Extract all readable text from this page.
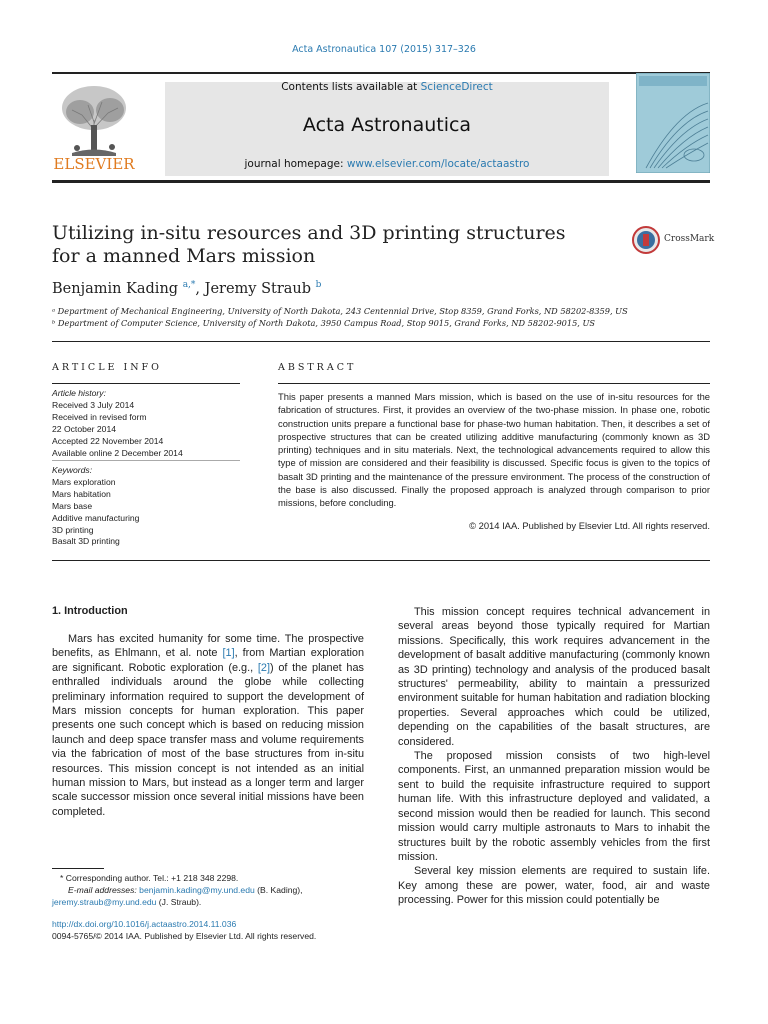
Acta Astronautica 107 (2015) 317–326
ELSEVIER
Contents lists available at ScienceDirect
Acta Astronautica
journal homepage: www.elsevier.com/locate/actaastro
Utilizing in-situ resources and 3D printing structures
for a manned Mars mission
CrossMark
Benjamin Kading $^{a,*}$, Jeremy Straub $^b$
ᵃ Department of Mechanical Engineering, University of North Dakota, 243 Centennial Drive, Stop 8359, Grand Forks, ND 58202-8359, US
ᵇ Department of Computer Science, University of North Dakota, 3950 Campus Road, Stop 9015, Grand Forks, ND 58202-9015, US
ARTICLE INFO
Article history:
Received 3 July 2014
Received in revised form
22 October 2014
Accepted 22 November 2014
Available online 2 December 2014
Keywords:
Mars exploration
Mars habitation
Mars base
Additive manufacturing
3D printing
Basalt 3D printing
ABSTRACT
This paper presents a manned Mars mission, which is based on the use of in-situ resources for the fabrication of structures. First, it provides an overview of the two-phase mission. In phase one, robotic construction units prepare a functional base for phase-two human habitation. Then, it describes a set of prospective structures that can be created utilizing additive manufacturing (commonly known as 3D printing) techniques and in situ materials. Next, the technological advancements required to allow this type of mission are considered and their feasibility is discussed. Specific focus is given to the topics of basalt 3D printing and the maintenance of the pressure environment. The process of the construction of the base is also discussed. Finally the proposed approach is analyzed through comparison to prior missions, before concluding.
© 2014 IAA. Published by Elsevier Ltd. All rights reserved.
1. Introduction

Mars has excited humanity for some time. The prospective benefits, as Ehlmann, et al. note [1], from Martian exploration are significant. Robotic exploration (e.g., [2]) of the planet has enthralled individuals around the globe while collecting preliminary information required to support the development of Mars mission concepts for human exploration. This paper presents one such concept which is based on reducing mission launch and deep space transfer mass and volume requirements via the fabrication of most of the base structures from in-situ resources. This mission concept is not intended as an initial human mission to Mars, but instead as a longer term and larger scale successor mission once several initial missions have been completed.

* Corresponding author. Tel.: +1 218 348 2298.
E-mail addresses: benjamin.kading@my.und.edu (B. Kading),
jeremy.straub@my.und.edu (J. Straub).
http://dx.doi.org/10.1016/j.actaastro.2014.11.036
0094-5765/© 2014 IAA. Published by Elsevier Ltd. All rights reserved.

This mission concept requires technical advancement in several areas beyond those typically required for Martian missions. Specifically, this work requires advancement in the development of basalt additive manufacturing (commonly known as 3D printing) technology and analysis of the produced basalt structures' permeability, ability to maintain a pressurized environment suitable for human habitation and radiation blocking properties. Several approaches which could be utilized, depending on the capabilities of the basalt structures, are considered.

The proposed mission consists of two high-level components. First, an unmanned preparation mission would be sent to build the requisite infrastructure required to support human life. With this infrastructure deployed and validated, a second mission would then be readied for launch. This second mission would carry multiple astronauts to Mars to inhabit the structures built by the robotic assembly vehicles from the first mission.

Several key mission elements are required to sustain life. Key among these are power, water, food, air and waste processing. Power for this mission could potentially be
